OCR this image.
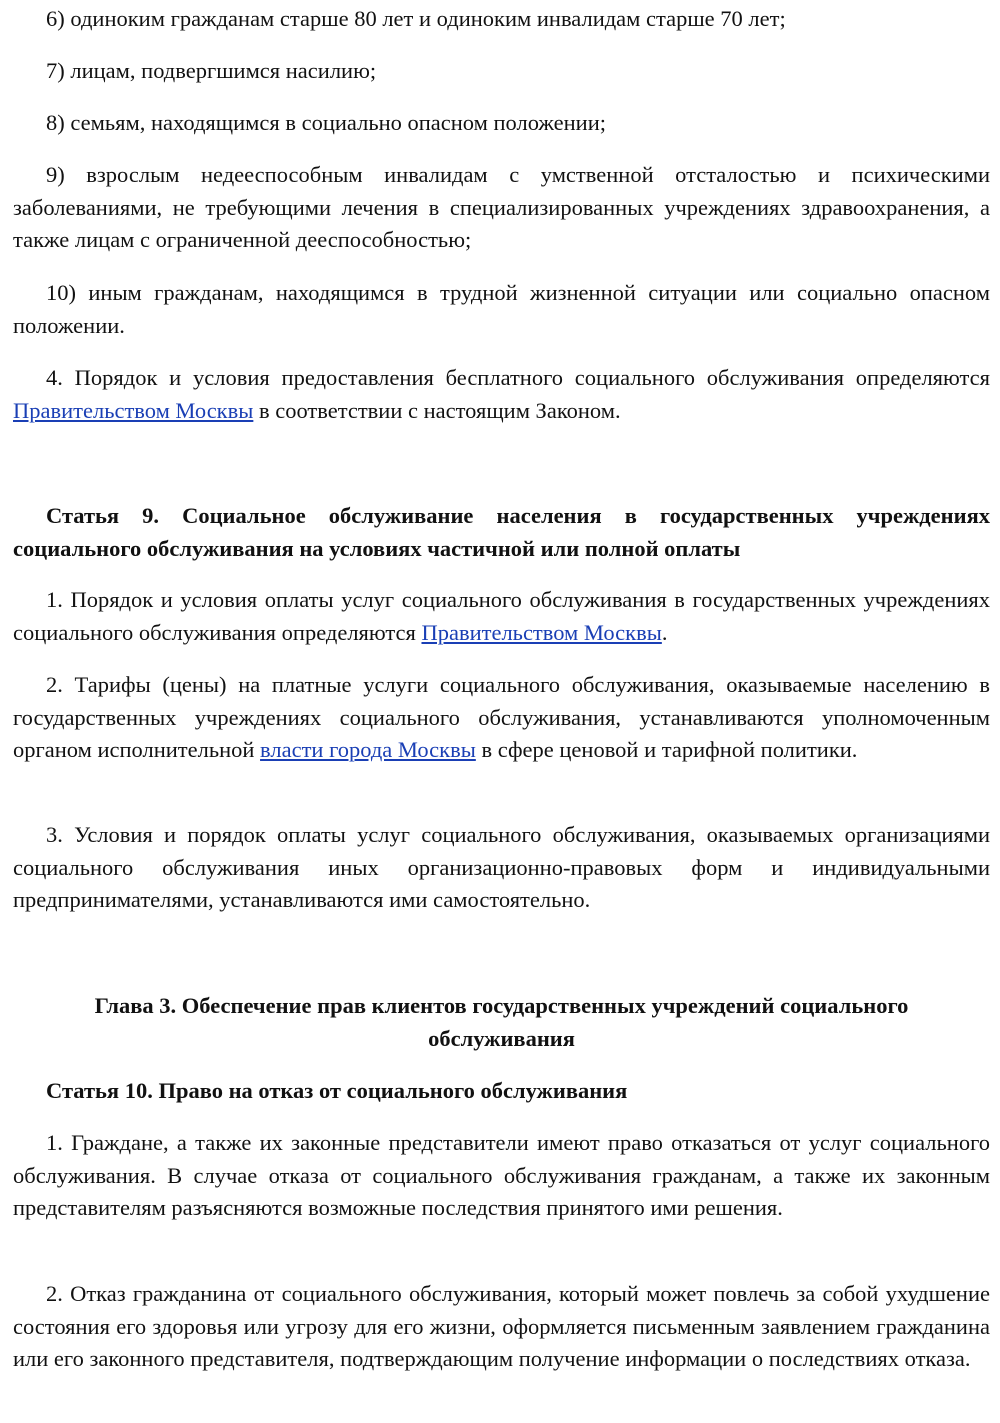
6) одиноким гражданам старше 80 лет и одиноким инвалидам старше 70 лет;

7) лицам, подвергшимся насилию;

8) семьям, находящимся в социально опасном положении;

9) взрослым недееспособным инвалидам с умственной отсталостью и психическими заболеваниями, не требующими лечения в специализированных учреждениях здравоохранения, а также лицам с ограниченной дееспособностью;

10) иным гражданам, находящимся в трудной жизненной ситуации или социально опасном положении.

4. Порядок и условия предоставления бесплатного социального обслуживания определяются Правительством Москвы в соответствии с настоящим Законом.

Статья 9. Социальное обслуживание населения в государственных учреждениях социального обслуживания на условиях частичной или полной оплаты

1. Порядок и условия оплаты услуг социального обслуживания в государственных учреждениях социального обслуживания определяются Правительством Москвы.

2. Тарифы (цены) на платные услуги социального обслуживания, оказываемые населению в государственных учреждениях социального обслуживания, устанавливаются уполномоченным органом исполнительной власти города Москвы в сфере ценовой и тарифной политики.

3. Условия и порядок оплаты услуг социального обслуживания, оказываемых организациями социального обслуживания иных организационно-правовых форм и индивидуальными предпринимателями, устанавливаются ими самостоятельно.

Глава 3. Обеспечение прав клиентов государственных учреждений социального обслуживания

Статья 10. Право на отказ от социального обслуживания

1. Граждане, а также их законные представители имеют право отказаться от услуг социального обслуживания. В случае отказа от социального обслуживания гражданам, а также их законным представителям разъясняются возможные последствия принятого ими решения.

2. Отказ гражданина от социального обслуживания, который может повлечь за собой ухудшение состояния его здоровья или угрозу для его жизни, оформляется письменным заявлением гражданина или его законного представителя, подтверждающим получение информации о последствиях отказа.
